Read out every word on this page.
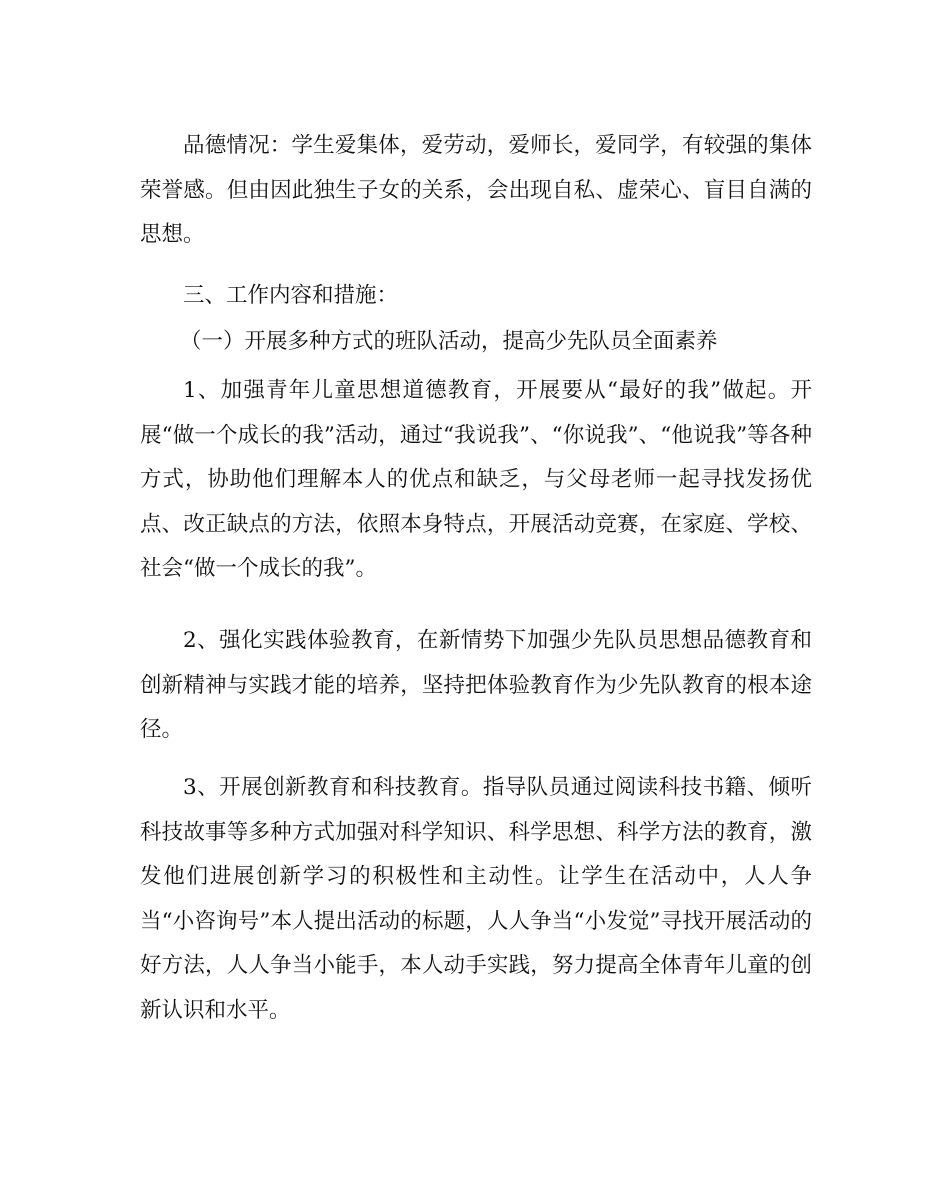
品德情况：学生爱集体，爱劳动，爱师长，爱同学，有较强的集体荣誉感。但由因此独生子女的关系，会出现自私、虚荣心、盲目自满的思想。

三、工作内容和措施：

（一）开展多种方式的班队活动，提高少先队员全面素养

1、加强青年儿童思想道德教育，开展要从“最好的我”做起。开展“做一个成长的我”活动，通过“我说我”、“你说我”、“他说我”等各种方式，协助他们理解本人的优点和缺乏，与父母老师一起寻找发扬优点、改正缺点的方法，依照本身特点，开展活动竞赛，在家庭、学校、社会“做一个成长的我”。

2、强化实践体验教育，在新情势下加强少先队员思想品德教育和创新精神与实践才能的培养，坚持把体验教育作为少先队教育的根本途径。

3、开展创新教育和科技教育。指导队员通过阅读科技书籍、倾听科技故事等多种方式加强对科学知识、科学思想、科学方法的教育，激发他们进展创新学习的积极性和主动性。让学生在活动中，人人争当“小咨询号”本人提出活动的标题，人人争当“小发觉”寻找开展活动的好方法，人人争当小能手，本人动手实践，努力提高全体青年儿童的创新认识和水平。
